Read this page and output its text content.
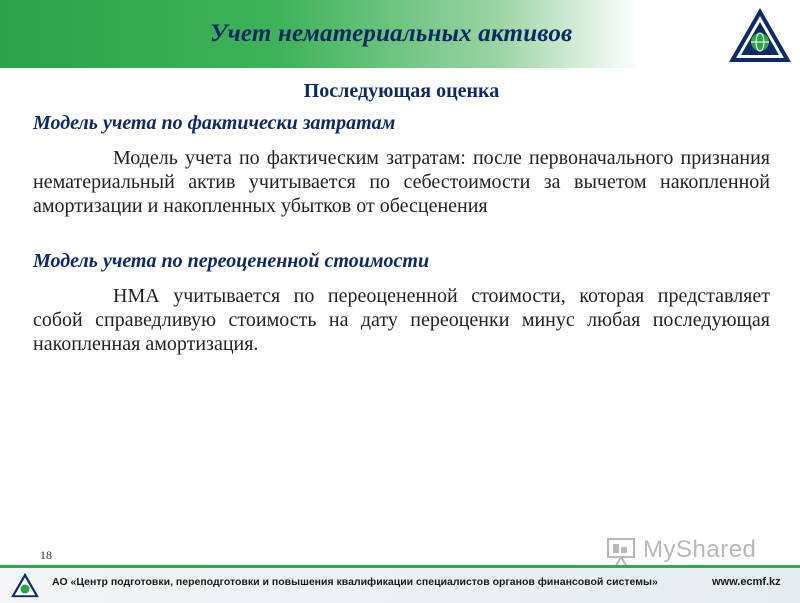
Учет нематериальных активов

Последующая оценка

Модель учета по фактически затратам

Модель учета по фактическим затратам: после первоначального признания нематериальный актив учитывается по себестоимости за вычетом накопленной амортизации и накопленных убытков от обесценения

Модель учета по переоцененной стоимости

НМА учитывается по переоцененной стоимости, которая представляет собой справедливую стоимость на дату переоценки минус любая последующая накопленная амортизация.

18	MyShared
АО «Центр подготовки, переподготовки и повышения квалификации специалистов органов финансовой системы»	www.ecmf.kz
